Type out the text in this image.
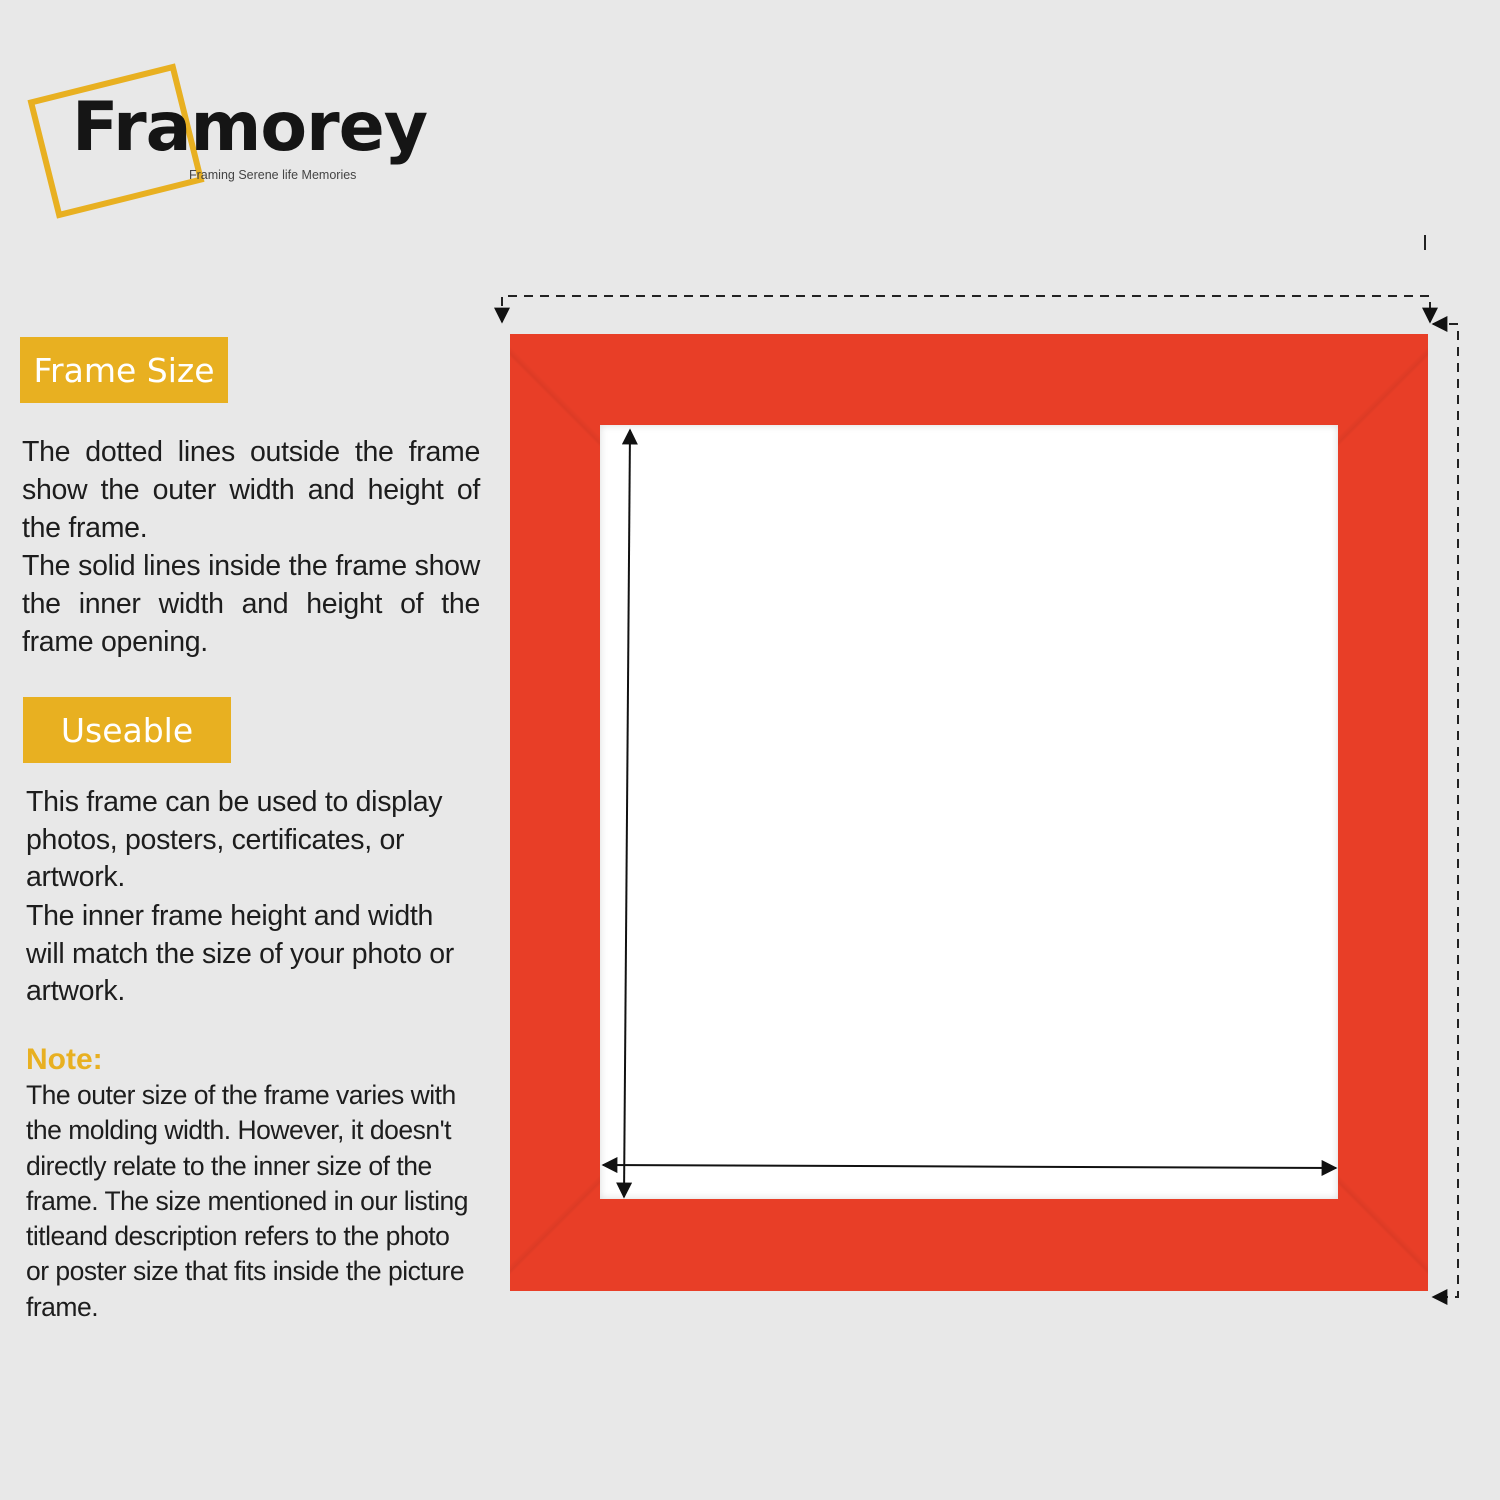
Framorey
Framing Serene life Memories
Frame Size

The dotted lines outside the frame show the outer width and height of
the frame.

The solid lines inside the frame show the inner width and height of the
frame opening.

Useable

This frame can be used to display photos, posters, certificates, or artwork.

The inner frame height and width will match the size of your photo or artwork.

Note:

The outer size of the frame varies with the molding width. However, it doesn't directly relate to the inner size of the frame. The size mentioned in our listing titleand description refers to the photo or poster size that fits inside the picture frame.
